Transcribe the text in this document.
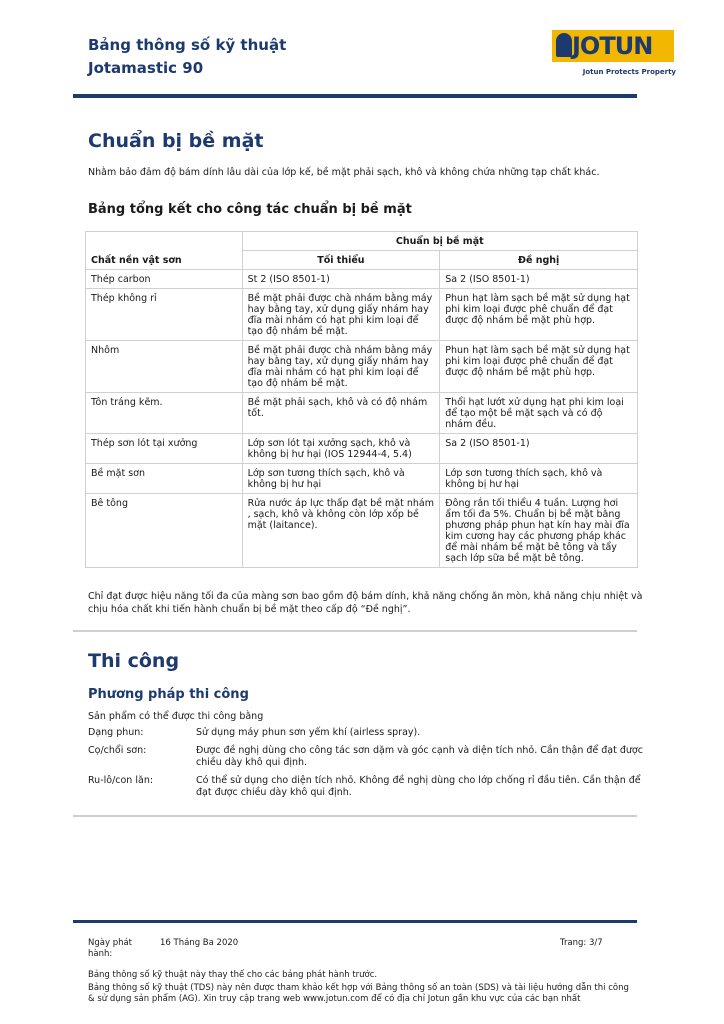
Bảng thông số kỹ thuật
Jotamastic 90
JOTUN
Jotun Protects Property
Chuẩn bị bề mặt
Nhằm bảo đảm độ bám dính lâu dài của lớp kế, bề mặt phải sạch, khô và không chứa những tạp chất khác.
Bảng tổng kết cho công tác chuẩn bị bề mặt
	Chuẩn bị bề mặt	
Chất nền vật sơn	Tối thiểu	Đề nghị
Thép carbon	St 2 (ISO 8501-1)	Sa 2 (ISO 8501-1)
Thép không rỉ	Bề mặt phải được chà nhám bằng máy hay bằng tay, xử dụng giấy nhám hay đĩa mài nhám có hạt phi kim loại để tạo độ nhám bề mặt.	Phun hạt làm sạch bề mặt sử dụng hạt phi kim loại được phê chuẩn để đạt được độ nhám bề mặt phù hợp.
Nhôm	Bề mặt phải được chà nhám bằng máy hay bằng tay, xử dụng giấy nhám hay đĩa mài nhám có hạt phi kim loại để tạo độ nhám bề mặt.	Phun hạt làm sạch bề mặt sử dụng hạt phi kim loại được phê chuẩn để đạt được độ nhám bề mặt phù hợp.
Tôn tráng kẽm.	Bề mặt phải sạch, khô và có độ nhám tốt.	Thổi hạt lướt xử dụng hạt phi kim loại để tạo một bề mặt sạch và có độ nhám đều.
Thép sơn lót tại xưởng	Lớp sơn lót tại xưởng sạch, khô và không bị hư hại (IOS 12944-4, 5.4)	Sa 2 (ISO 8501-1)
Bề mặt sơn	Lớp sơn tương thích sạch, khô và không bị hư hại	Lớp sơn tương thích sạch, khô và không bị hư hại
Bê tông	Rửa nước áp lực thấp đạt bề mặt nhám , sạch, khô và không còn lớp xốp bề mặt (laitance).	Đông rắn tối thiểu 4 tuần. Lượng hơi ẩm tối đa 5%. Chuẩn bị bề mặt bằng phương pháp phun hạt kín hay mài đĩa kim cương hay các phương pháp khác để mài nhám bề mặt bê tông và tẩy sạch lớp sữa bề mặt bê tông.
Chỉ đạt được hiệu năng tối đa của màng sơn bao gồm độ bám dính, khả năng chống ăn mòn, khả năng chịu nhiệt và chịu hóa chất khi tiến hành chuẩn bị bề mặt theo cấp độ “Đề nghị”.
Thi công
Phương pháp thi công
Sản phẩm có thể được thi công bằng
Dạng phun:	Sử dụng máy phun sơn yếm khí (airless spray).
Cọ/chổi sơn:	Được đề nghị dùng cho công tác sơn dặm và góc cạnh và diện tích nhỏ. Cần thận để đạt được chiều dày khô qui định.
Ru-lô/con lăn:	Có thể sử dụng cho diện tích nhỏ. Không đề nghị dùng cho lớp chống rỉ đầu tiên. Cần thận để đạt được chiều dày khô qui định.
Ngày phát hành:
16 Tháng Ba 2020	Trang: 3/7
Bảng thông số kỹ thuật này thay thế cho các bảng phát hành trước.
Bảng thông số kỹ thuật (TDS) này nên được tham khảo kết hợp với Bảng thông số an toàn (SDS) và tài liệu hướng dẫn thi công & sử dụng sản phẩm (AG). Xin truy cập trang web www.jotun.com để có địa chỉ Jotun gần khu vực của các bạn nhất
